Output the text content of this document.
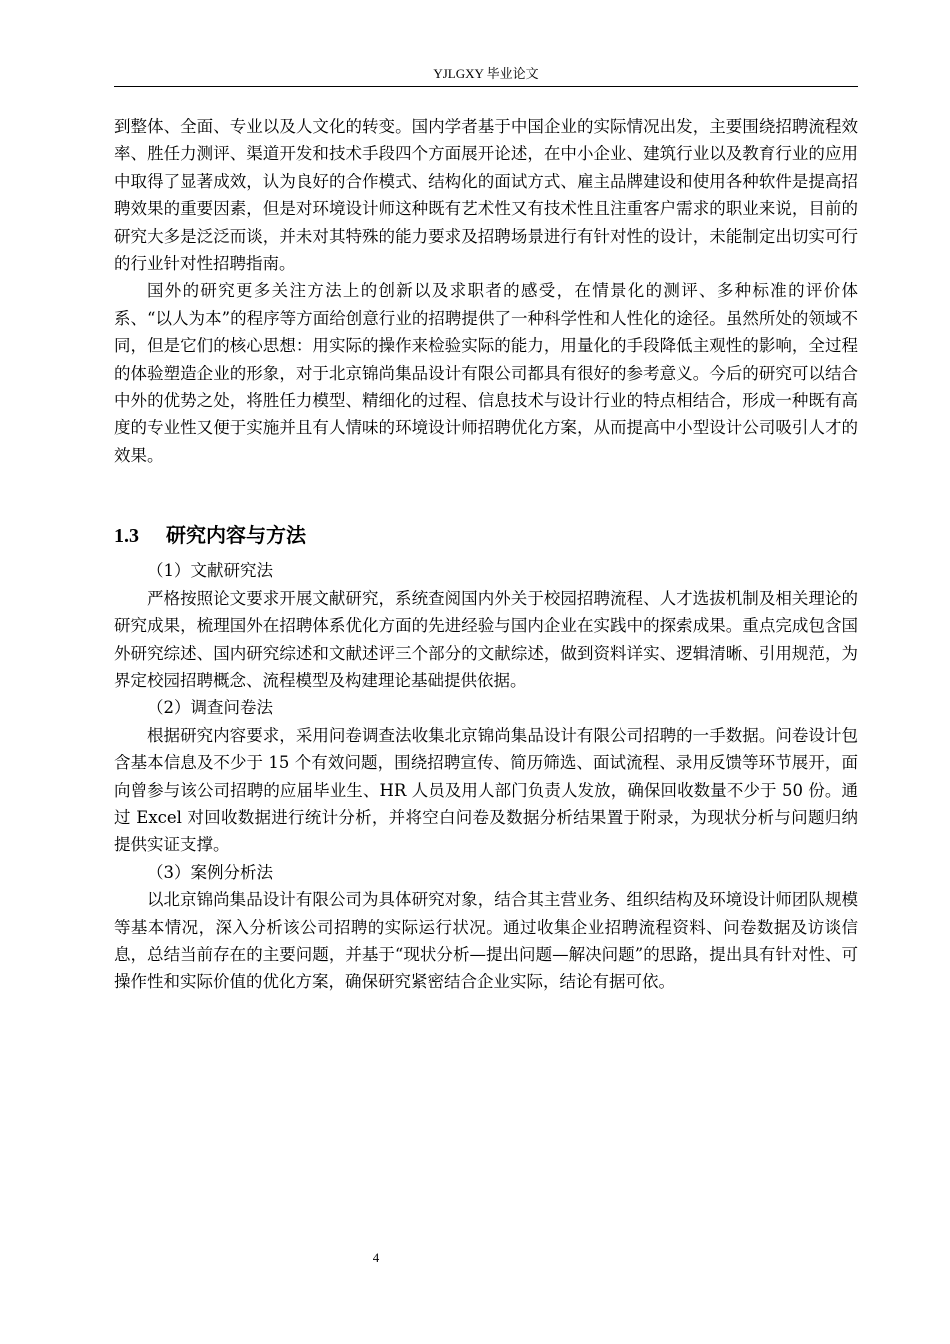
YJLGXY 毕业论文

到整体、全面、专业以及人文化的转变。国内学者基于中国企业的实际情况出发，主要围绕招聘流程效率、胜任力测评、渠道开发和技术手段四个方面展开论述，在中小企业、建筑行业以及教育行业的应用中取得了显著成效，认为良好的合作模式、结构化的面试方式、雇主品牌建设和使用各种软件是提高招聘效果的重要因素，但是对环境设计师这种既有艺术性又有技术性且注重客户需求的职业来说，目前的研究大多是泛泛而谈，并未对其特殊的能力要求及招聘场景进行有针对性的设计，未能制定出切实可行的行业针对性招聘指南。

国外的研究更多关注方法上的创新以及求职者的感受，在情景化的测评、多种标准的评价体系、“以人为本”的程序等方面给创意行业的招聘提供了一种科学性和人性化的途径。虽然所处的领域不同，但是它们的核心思想：用实际的操作来检验实际的能力，用量化的手段降低主观性的影响，全过程的体验塑造企业的形象，对于北京锦尚集品设计有限公司都具有很好的参考意义。今后的研究可以结合中外的优势之处，将胜任力模型、精细化的过程、信息技术与设计行业的特点相结合，形成一种既有高度的专业性又便于实施并且有人情味的环境设计师招聘优化方案，从而提高中小型设计公司吸引人才的效果。

1.3 研究内容与方法

（1）文献研究法

严格按照论文要求开展文献研究，系统查阅国内外关于校园招聘流程、人才选拔机制及相关理论的研究成果，梳理国外在招聘体系优化方面的先进经验与国内企业在实践中的探索成果。重点完成包含国外研究综述、国内研究综述和文献述评三个部分的文献综述，做到资料详实、逻辑清晰、引用规范，为界定校园招聘概念、流程模型及构建理论基础提供依据。

（2）调查问卷法

根据研究内容要求，采用问卷调查法收集北京锦尚集品设计有限公司招聘的一手数据。问卷设计包含基本信息及不少于 15 个有效问题，围绕招聘宣传、简历筛选、面试流程、录用反馈等环节展开，面向曾参与该公司招聘的应届毕业生、HR 人员及用人部门负责人发放，确保回收数量不少于 50 份。通过 Excel 对回收数据进行统计分析，并将空白问卷及数据分析结果置于附录，为现状分析与问题归纳提供实证支撑。

（3）案例分析法

以北京锦尚集品设计有限公司为具体研究对象，结合其主营业务、组织结构及环境设计师团队规模等基本情况，深入分析该公司招聘的实际运行状况。通过收集企业招聘流程资料、问卷数据及访谈信息，总结当前存在的主要问题，并基于“现状分析—提出问题—解决问题”的思路，提出具有针对性、可操作性和实际价值的优化方案，确保研究紧密结合企业实际，结论有据可依。

4
